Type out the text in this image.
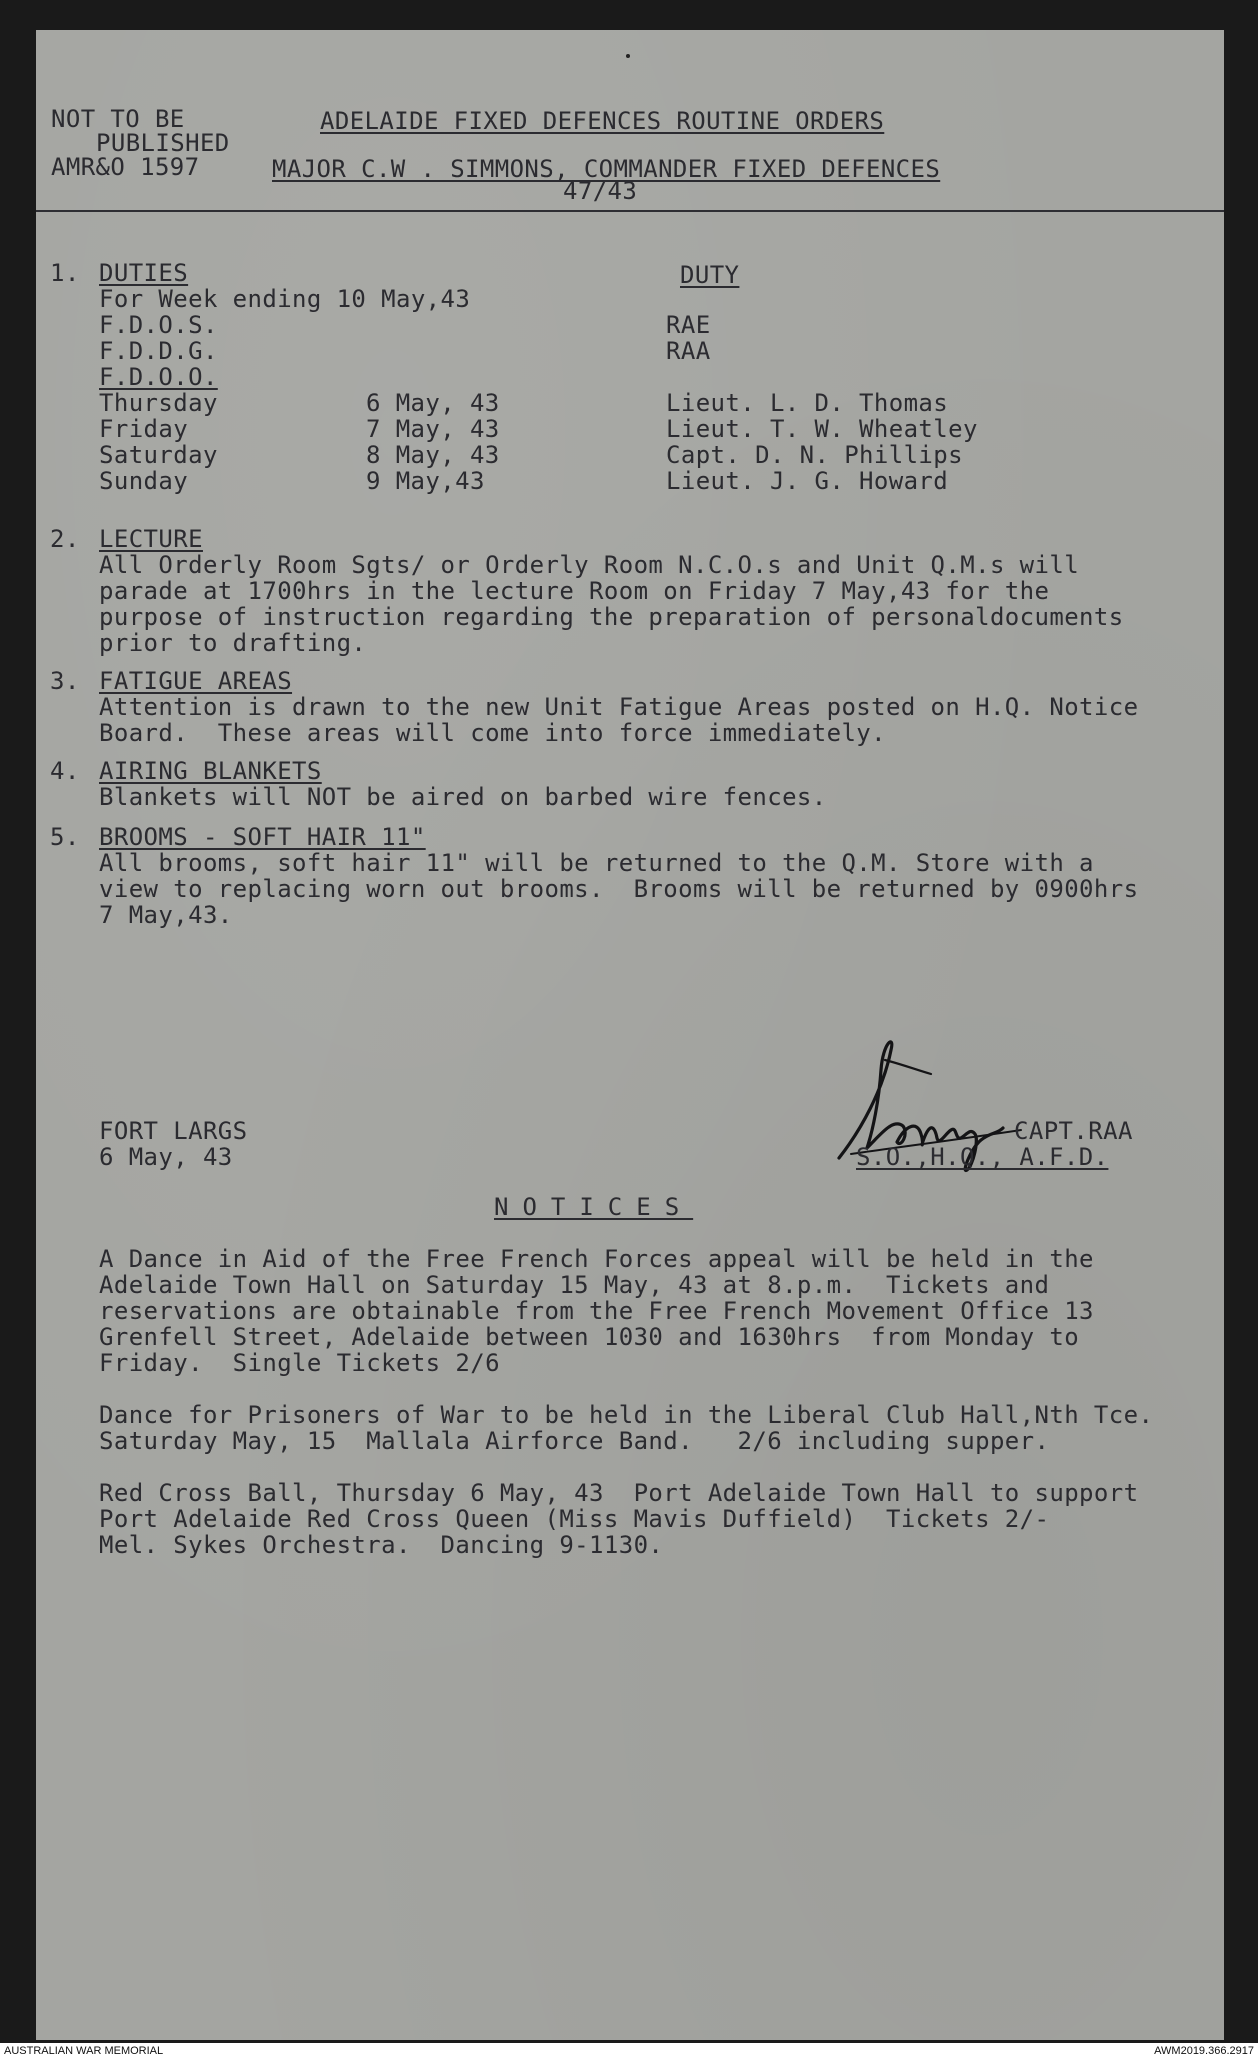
NOT TO BE
PUBLISHED
AMR&O 1597
ADELAIDE FIXED DEFENCES ROUTINE ORDERS
MAJOR C.W . SIMMONS, COMMANDER FIXED DEFENCES
47/43
1. DUTIES	DUTY
For Week ending 10 May,43
F.D.O.S.	RAE
F.D.D.G.	RAA
F.D.O.O.
Thursday	6 May, 43	Lieut. L. D. Thomas
Friday	7 May, 43	Lieut. T. W. Wheatley
Saturday	8 May, 43	Capt. D. N. Phillips
Sunday	9 May,43	Lieut. J. G. Howard
2. LECTURE
All Orderly Room Sgts/ or Orderly Room N.C.O.s and Unit Q.M.s will
parade at 1700hrs in the lecture Room on Friday 7 May,43 for the
purpose of instruction regarding the preparation of personaldocuments
prior to drafting.
3. FATIGUE AREAS
Attention is drawn to the new Unit Fatigue Areas posted on H.Q. Notice
Board.  These areas will come into force immediately.
4. AIRING BLANKETS
Blankets will NOT be aired on barbed wire fences.
5. BROOMS - SOFT HAIR 11"
All brooms, soft hair 11" will be returned to the Q.M. Store with a
view to replacing worn out brooms.  Brooms will be returned by 0900hrs
7 May,43.
FORT LARGS
6 May, 43
CAPT.RAA
S.O.,H.Q., A.F.D.
NOTICES
A Dance in Aid of the Free French Forces appeal will be held in the
Adelaide Town Hall on Saturday 15 May, 43 at 8.p.m.  Tickets and
reservations are obtainable from the Free French Movement Office 13
Grenfell Street, Adelaide between 1030 and 1630hrs  from Monday to
Friday.  Single Tickets 2/6
Dance for Prisoners of War to be held in the Liberal Club Hall,Nth Tce.
Saturday May, 15  Mallala Airforce Band.   2/6 including supper.
Red Cross Ball, Thursday 6 May, 43  Port Adelaide Town Hall to support
Port Adelaide Red Cross Queen (Miss Mavis Duffield)  Tickets 2/-
Mel. Sykes Orchestra.  Dancing 9-1130.
AUSTRALIAN WAR MEMORIAL	AWM2019.366.2917
